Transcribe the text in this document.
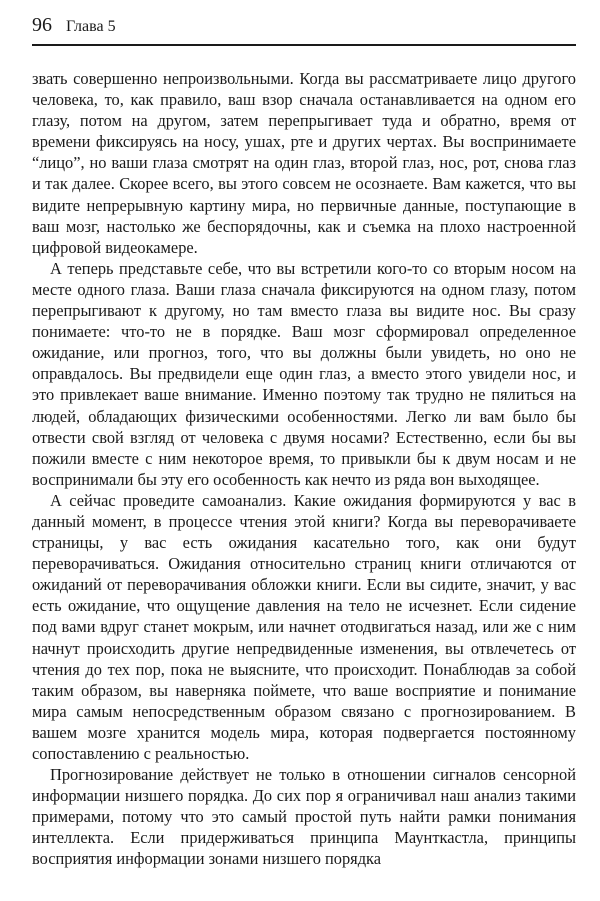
96 Глава 5

звать совершенно непроизвольными. Когда вы рассматриваете лицо другого человека, то, как правило, ваш взор сначала останавливается на одном его глазу, потом на другом, затем перепрыгивает туда и обратно, время от времени фиксируясь на носу, ушах, рте и других чертах. Вы воспринимаете “лицо”, но ваши глаза смотрят на один глаз, второй глаз, нос, рот, снова глаз и так далее. Скорее всего, вы этого совсем не осознаете. Вам кажется, что вы видите непрерывную картину мира, но первичные данные, поступающие в ваш мозг, настолько же беспорядочны, как и съемка на плохо настроенной цифровой видеокамере.

А теперь представьте себе, что вы встретили кого-то со вторым носом на месте одного глаза. Ваши глаза сначала фиксируются на одном глазу, потом перепрыгивают к другому, но там вместо глаза вы видите нос. Вы сразу понимаете: что-то не в порядке. Ваш мозг сформировал определенное ожидание, или прогноз, того, что вы должны были увидеть, но оно не оправдалось. Вы предвидели еще один глаз, а вместо этого увидели нос, и это привлекает ваше внимание. Именно поэтому так трудно не пялиться на людей, обладающих физическими особенностями. Легко ли вам было бы отвести свой взгляд от человека с двумя носами? Естественно, если бы вы пожили вместе с ним некоторое время, то привыкли бы к двум носам и не воспринимали бы эту его особенность как нечто из ряда вон выходящее.

А сейчас проведите самоанализ. Какие ожидания формируются у вас в данный момент, в процессе чтения этой книги? Когда вы переворачиваете страницы, у вас есть ожидания касательно того, как они будут переворачиваться. Ожидания относительно страниц книги отличаются от ожиданий от переворачивания обложки книги. Если вы сидите, значит, у вас есть ожидание, что ощущение давления на тело не исчезнет. Если сидение под вами вдруг станет мокрым, или начнет отодвигаться назад, или же с ним начнут происходить другие непредвиденные изменения, вы отвлечетесь от чтения до тех пор, пока не выясните, что происходит. Понаблюдав за собой таким образом, вы наверняка поймете, что ваше восприятие и понимание мира самым непосредственным образом связано с прогнозированием. В вашем мозге хранится модель мира, которая подвергается постоянному сопоставлению с реальностью.

Прогнозирование действует не только в отношении сигналов сенсорной информации низшего порядка. До сих пор я ограничивал наш анализ такими примерами, потому что это самый простой путь найти рамки понимания интеллекта. Если придерживаться принципа Маунткастла, принципы восприятия информации зонами низшего порядка
